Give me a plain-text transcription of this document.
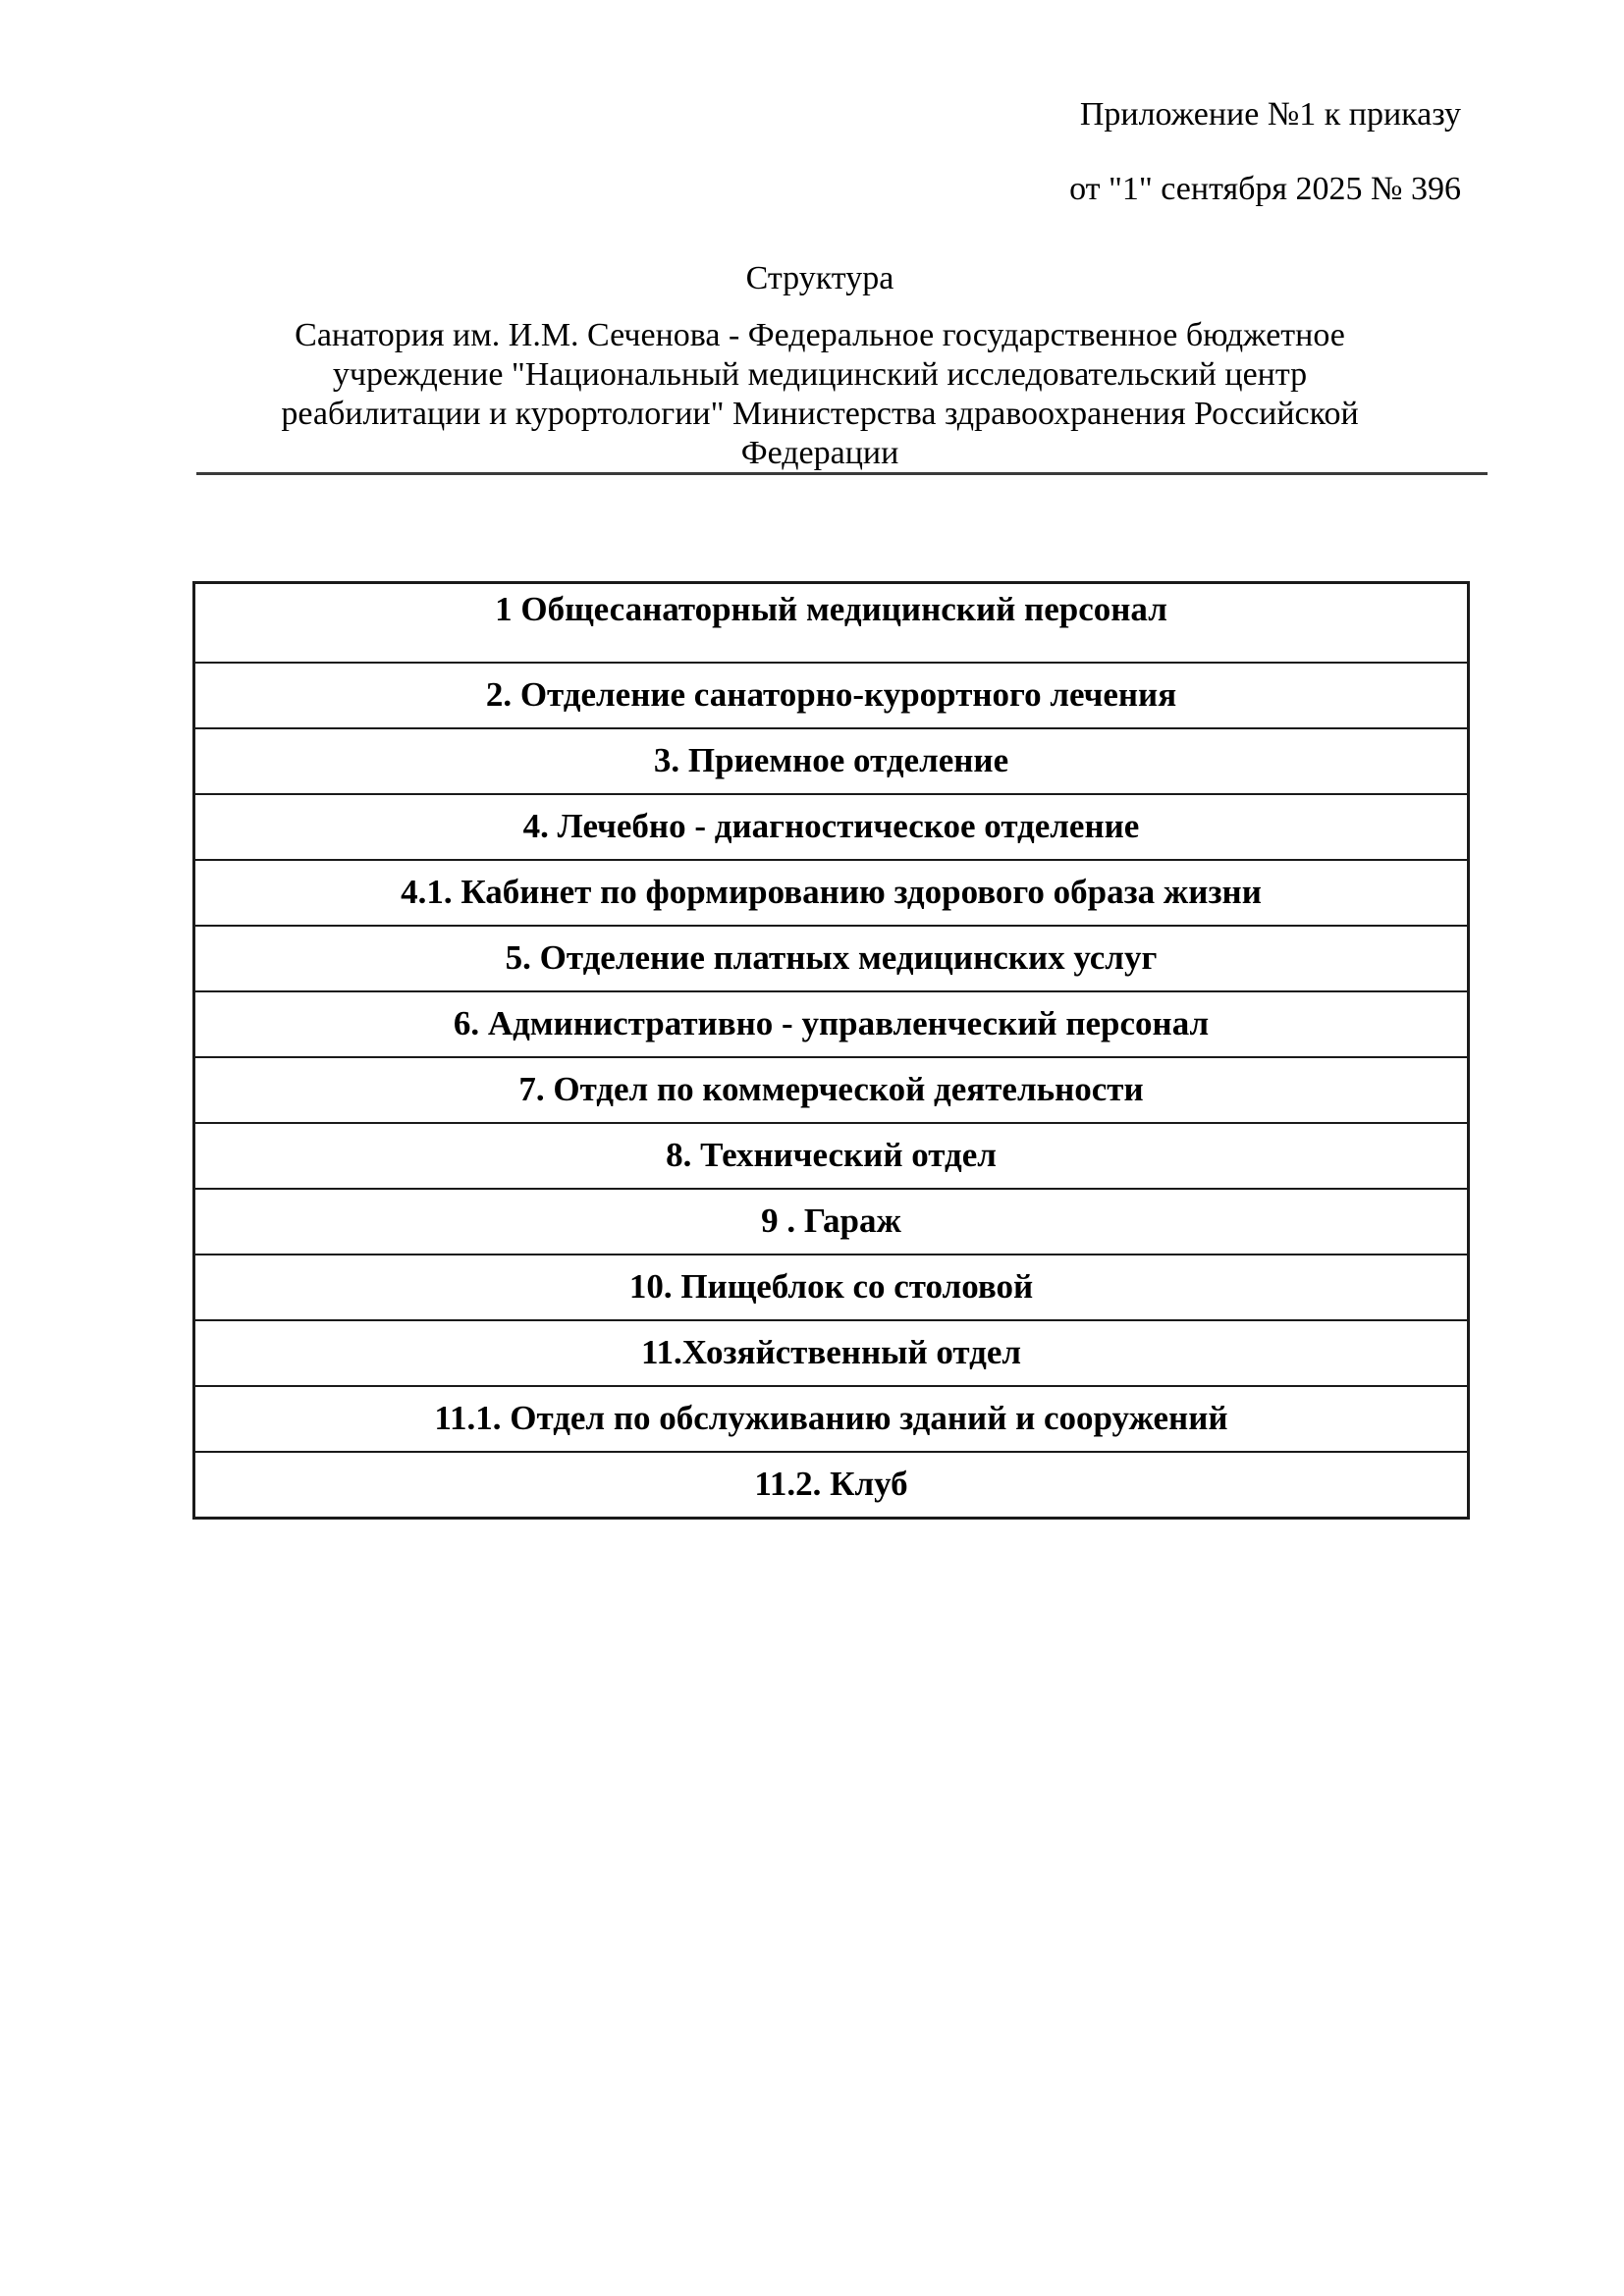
Приложение №1 к приказу
от "1" сентября 2025 № 396
Структура
Санатория им. И.М. Сеченова - Федеральное государственное бюджетное
учреждение "Национальный медицинский исследовательский центр
реабилитации и курортологии" Министерства здравоохранения Российской
Федерации
1 Общесанаторный медицинский персонал
2. Отделение санаторно-курортного лечения
3. Приемное отделение
4. Лечебно - диагностическое отделение
4.1. Кабинет по формированию здорового образа жизни
5. Отделение платных медицинских услуг
6. Административно - управленческий персонал
7. Отдел по коммерческой деятельности
8. Технический отдел
9 . Гараж
10. Пищеблок со столовой
11.Хозяйственный отдел
11.1. Отдел по обслуживанию зданий и сооружений
11.2. Клуб
